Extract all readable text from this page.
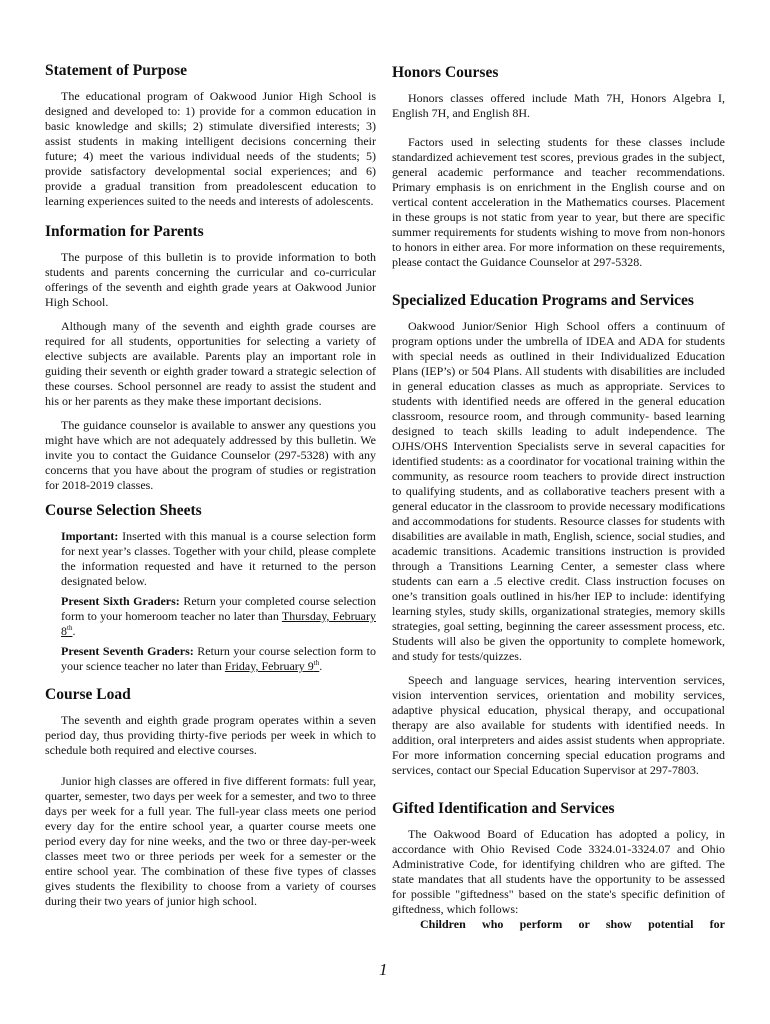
Statement of Purpose

The educational program of Oakwood Junior High School is designed and developed to: 1) provide for a common education in basic knowledge and skills; 2) stimulate diversified interests; 3) assist students in making intelligent decisions concerning their future; 4) meet the various individual needs of the students; 5) provide satisfactory developmental social experiences; and 6) provide a gradual transition from preadolescent education to learning experiences suited to the needs and interests of adolescents.

Information for Parents

The purpose of this bulletin is to provide information to both students and parents concerning the curricular and co-curricular offerings of the seventh and eighth grade years at Oakwood Junior High School.

Although many of the seventh and eighth grade courses are required for all students, opportunities for selecting a variety of elective subjects are available. Parents play an important role in guiding their seventh or eighth grader toward a strategic selection of these courses. School personnel are ready to assist the student and his or her parents as they make these important decisions.

The guidance counselor is available to answer any questions you might have which are not adequately addressed by this bulletin. We invite you to contact the Guidance Counselor (297-5328) with any concerns that you have about the program of studies or registration for 2018-2019 classes.

Course Selection Sheets

Important: Inserted with this manual is a course selection form for next year’s classes. Together with your child, please complete the information requested and have it returned to the person designated below.

Present Sixth Graders: Return your completed course selection form to your homeroom teacher no later than Thursday, February 8th.

Present Seventh Graders: Return your course selection form to your science teacher no later than Friday, February 9th.

Course Load

The seventh and eighth grade program operates within a seven period day, thus providing thirty-five periods per week in which to schedule both required and elective courses.

Junior high classes are offered in five different formats: full year, quarter, semester, two days per week for a semester, and two to three days per week for a full year. The full-year class meets one period every day for the entire school year, a quarter course meets one period every day for nine weeks, and the two or three day-per-week classes meet two or three periods per week for a semester or the entire school year. The combination of these five types of classes gives students the flexibility to choose from a variety of courses during their two years of junior high school.

Honors Courses

Honors classes offered include Math 7H, Honors Algebra I, English 7H, and English 8H.

Factors used in selecting students for these classes include standardized achievement test scores, previous grades in the subject, general academic performance and teacher recommendations. Primary emphasis is on enrichment in the English course and on vertical content acceleration in the Mathematics courses. Placement in these groups is not static from year to year, but there are specific summer requirements for students wishing to move from non-honors to honors in either area. For more information on these requirements, please contact the Guidance Counselor at 297-5328.

Specialized Education Programs and Services

Oakwood Junior/Senior High School offers a continuum of program options under the umbrella of IDEA and ADA for students with special needs as outlined in their Individualized Education Plans (IEP’s) or 504 Plans. All students with disabilities are included in general education classes as much as appropriate. Services to students with identified needs are offered in the general education classroom, resource room, and through community- based learning designed to teach skills leading to adult independence. The OJHS/OHS Intervention Specialists serve in several capacities for identified students: as a coordinator for vocational training within the community, as resource room teachers to provide direct instruction to qualifying students, and as collaborative teachers present with a general educator in the classroom to provide necessary modifications and accommodations for students. Resource classes for students with disabilities are available in math, English, science, social studies, and academic transitions. Academic transitions instruction is provided through a Transitions Learning Center, a semester class where students can earn a .5 elective credit. Class instruction focuses on one’s transition goals outlined in his/her IEP to include: identifying learning styles, study skills, organizational strategies, memory skills strategies, goal setting, beginning the career assessment process, etc. Students will also be given the opportunity to complete homework, and study for tests/quizzes.

Speech and language services, hearing intervention services, vision intervention services, orientation and mobility services, adaptive physical education, physical therapy, and occupational therapy are also available for students with identified needs. In addition, oral interpreters and aides assist students when appropriate. For more information concerning special education programs and services, contact our Special Education Supervisor at 297-7803.

Gifted Identification and Services

The Oakwood Board of Education has adopted a policy, in accordance with Ohio Revised Code 3324.01-3324.07 and Ohio Administrative Code, for identifying children who are gifted. The state mandates that all students have the opportunity to be assessed for possible "giftedness" based on the state's specific definition of giftedness, which follows:

Children who perform or show potential for
1
